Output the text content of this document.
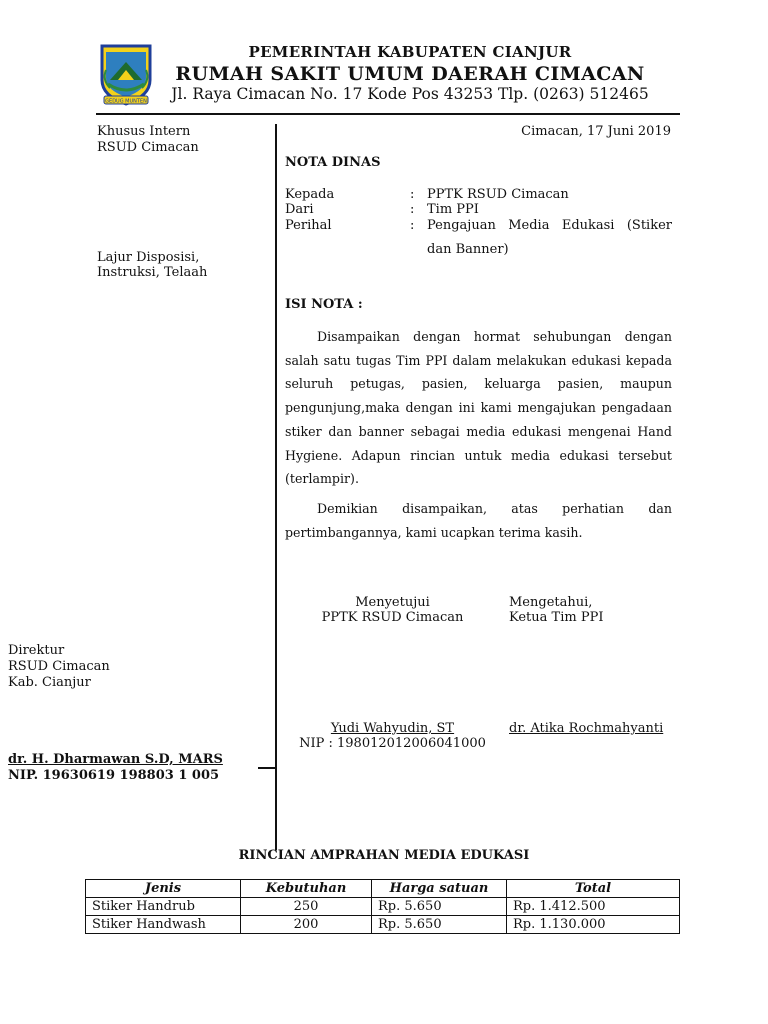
GEDUG MUNTEN
PEMERINTAH KABUPATEN CIANJUR
RUMAH SAKIT UMUM DAERAH CIMACAN
Jl. Raya Cimacan No. 17 Kode Pos 43253 Tlp. (0263) 512465
Khusus Intern
RSUD Cimacan
Lajur Disposisi,
Instruksi, Telaah
Direktur
RSUD Cimacan
Kab. Cianjur
dr. H. Dharmawan S.D, MARS
NIP. 19630619 198803 1 005
Cimacan, 17 Juni 2019
NOTA DINAS
Kepada	: PPTK RSUD Cimacan
Dari	: Tim PPI
Perihal	: Pengajuan Media Edukasi (Stiker
dan Banner)
ISI NOTA :

Disampaikan dengan hormat sehubungan dengan salah satu tugas Tim PPI dalam melakukan edukasi kepada seluruh petugas, pasien, keluarga pasien, maupun pengunjung,maka dengan ini kami mengajukan pengadaan stiker dan banner sebagai media edukasi mengenai Hand Hygiene. Adapun rincian untuk media edukasi tersebut (terlampir).

Demikian disampaikan, atas perhatian dan pertimbangannya, kami ucapkan terima kasih.

Menyetujui
PPTK RSUD Cimacan
Yudi Wahyudin, ST
NIP : 198012012006041000
Mengetahui,
Ketua Tim PPI
dr. Atika Rochmahyanti
RINCIAN AMPRAHAN MEDIA EDUKASI
Jenis	Kebutuhan	Harga satuan	Total
Stiker Handrub	250	Rp. 5.650	Rp. 1.412.500
Stiker Handwash	200	Rp. 5.650	Rp. 1.130.000
